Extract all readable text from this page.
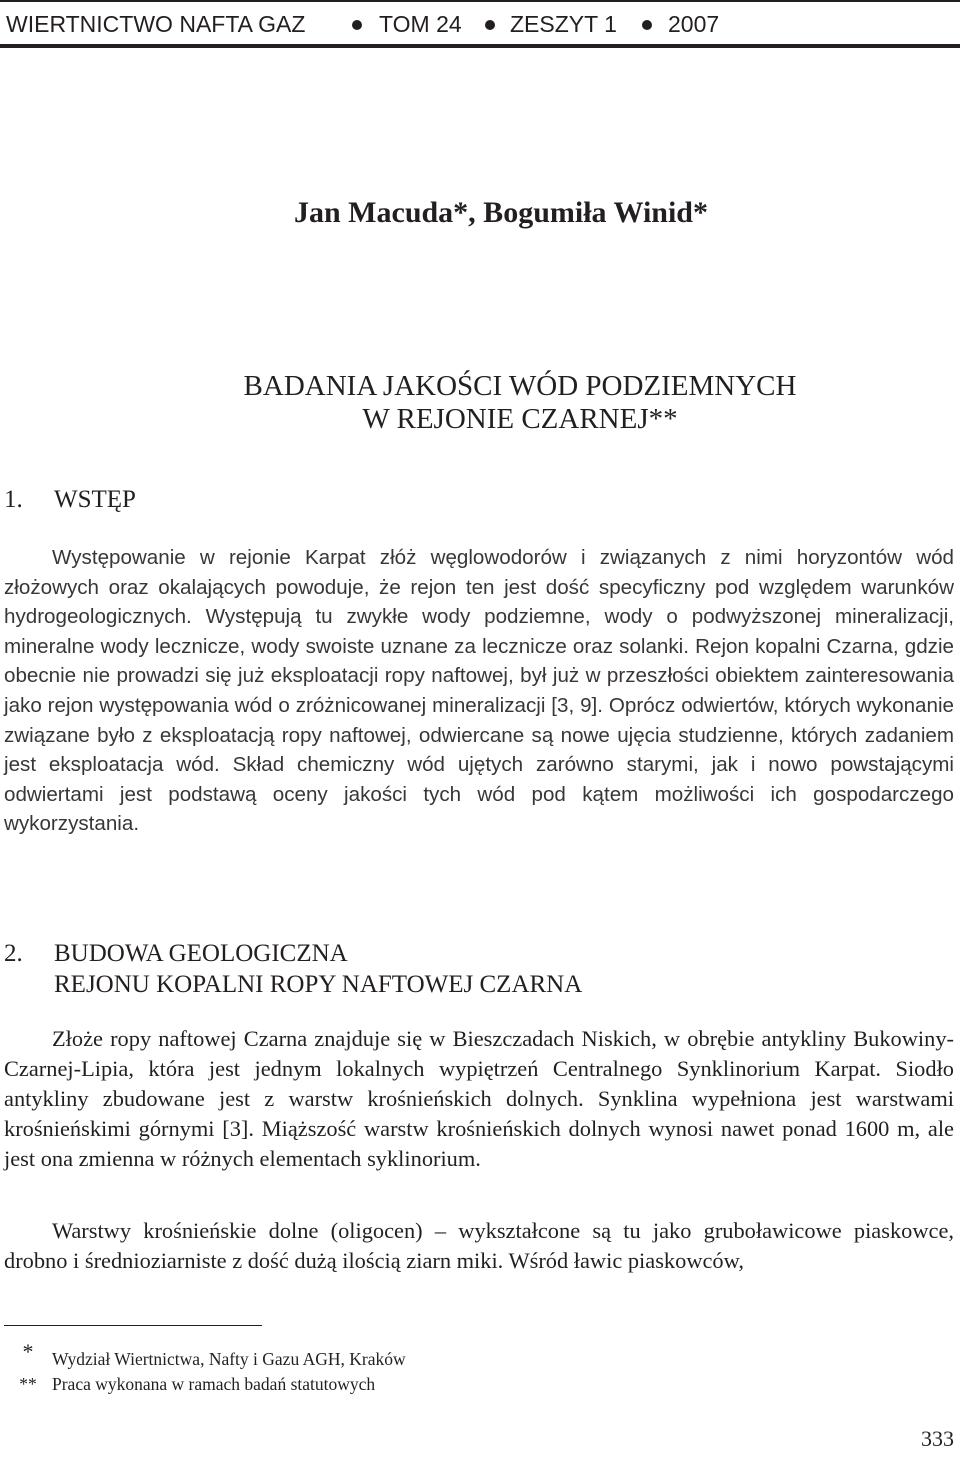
WIERTNICTWO NAFTA GAZ	TOM 24 ZESZYT 1 2007
Jan Macuda*, Bogumiła Winid*
BADANIA JAKOŚCI WÓD PODZIEMNYCH
W REJONIE CZARNEJ**
1. WSTĘP

Występowanie w rejonie Karpat złóż węglowodorów i związanych z nimi horyzontów wód złożowych oraz okalających powoduje, że rejon ten jest dość specyficzny pod względem warunków hydrogeologicznych. Występują tu zwykłe wody podziemne, wody o podwyższonej mineralizacji, mineralne wody lecznicze, wody swoiste uznane za lecznicze oraz solanki. Rejon kopalni Czarna, gdzie obecnie nie prowadzi się już eksploatacji ropy naftowej, był już w przeszłości obiektem zainteresowania jako rejon występowania wód o zróżnicowanej mineralizacji [3, 9]. Oprócz odwiertów, których wykonanie związane było z eksploatacją ropy naftowej, odwiercane są nowe ujęcia studzienne, których zadaniem jest eksploatacja wód. Skład chemiczny wód ujętych zarówno starymi, jak i nowo powstającymi odwiertami jest podstawą oceny jakości tych wód pod kątem możliwości ich gospodarczego wykorzystania.

2. BUDOWA GEOLOGICZNA
REJONU KOPALNI ROPY NAFTOWEJ CZARNA

Złoże ropy naftowej Czarna znajduje się w Bieszczadach Niskich, w obrębie antykliny Bukowiny-Czarnej-Lipia, która jest jednym lokalnych wypiętrzeń Centralnego Synklinorium Karpat. Siodło antykliny zbudowane jest z warstw krośnieńskich dolnych. Synklina wypełniona jest warstwami krośnieńskimi górnymi [3]. Miąższość warstw krośnieńskich dolnych wynosi nawet ponad 1600 m, ale jest ona zmienna w różnych elementach syklinorium.

Warstwy krośnieńskie dolne (oligocen) – wykształcone są tu jako gruboławicowe piaskowce, drobno i średnioziarniste z dość dużą ilością ziarn miki. Wśród ławic piaskowców,

* Wydział Wiertnictwa, Nafty i Gazu AGH, Kraków
** Praca wykonana w ramach badań statutowych
333
